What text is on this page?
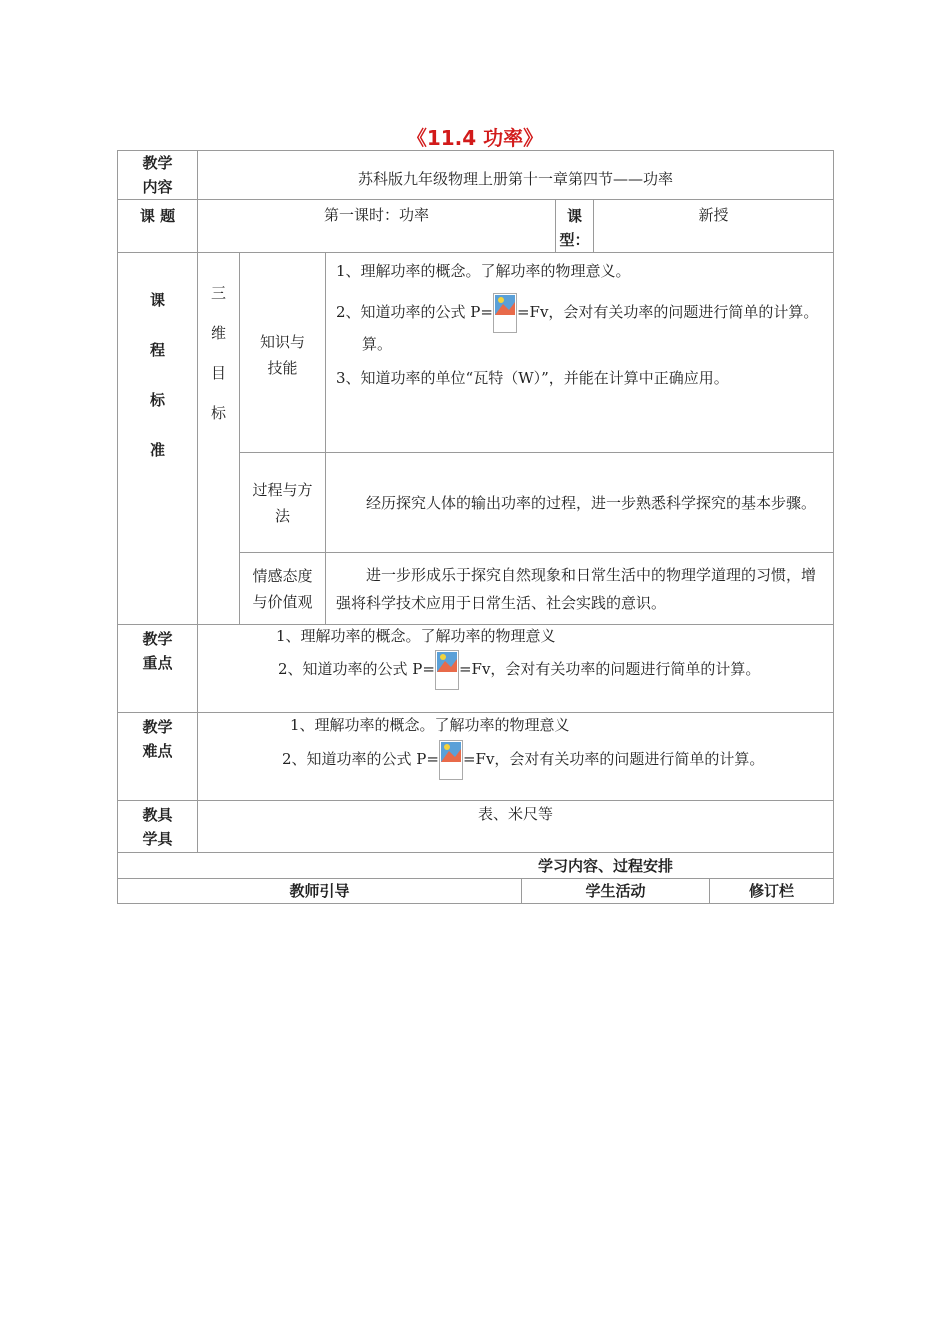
《11.4 功率》
教学内容	苏科版九年级物理上册第十一章第四节——功率						
课 题	第一课时：功率				课型：	新授	

课程标准	三维目标	知识与技能	1、理解功率的概念。了解功率的物理意义。
2、知道功率的公式 P= =Fv，会对有关功率的问题进行简单的计算。
算。
3、知道功率的单位“瓦特（W）”，并能在计算中正确应用。				

		过程与方法	经历探究人体的输出功率的过程，进一步熟悉科学探究的基本步骤。				

		情感态度与价值观	进一步形成乐于探究自然现象和日常生活中的物理学道理的习惯，增强将科学技术应用于日常生活、社会实践的意识。				

教学重点	1、理解功率的概念。了解功率的物理意义
2、知道功率的公式 P= =Fv，会对有关功率的问题进行简单的计算。						

教学难点	1、理解功率的概念。了解功率的物理意义
2、知道功率的公式 P= =Fv，会对有关功率的问题进行简单的计算。						

教具学具	表、米尺等						
学习内容、过程安排							
教师引导				学生活动			修订栏
